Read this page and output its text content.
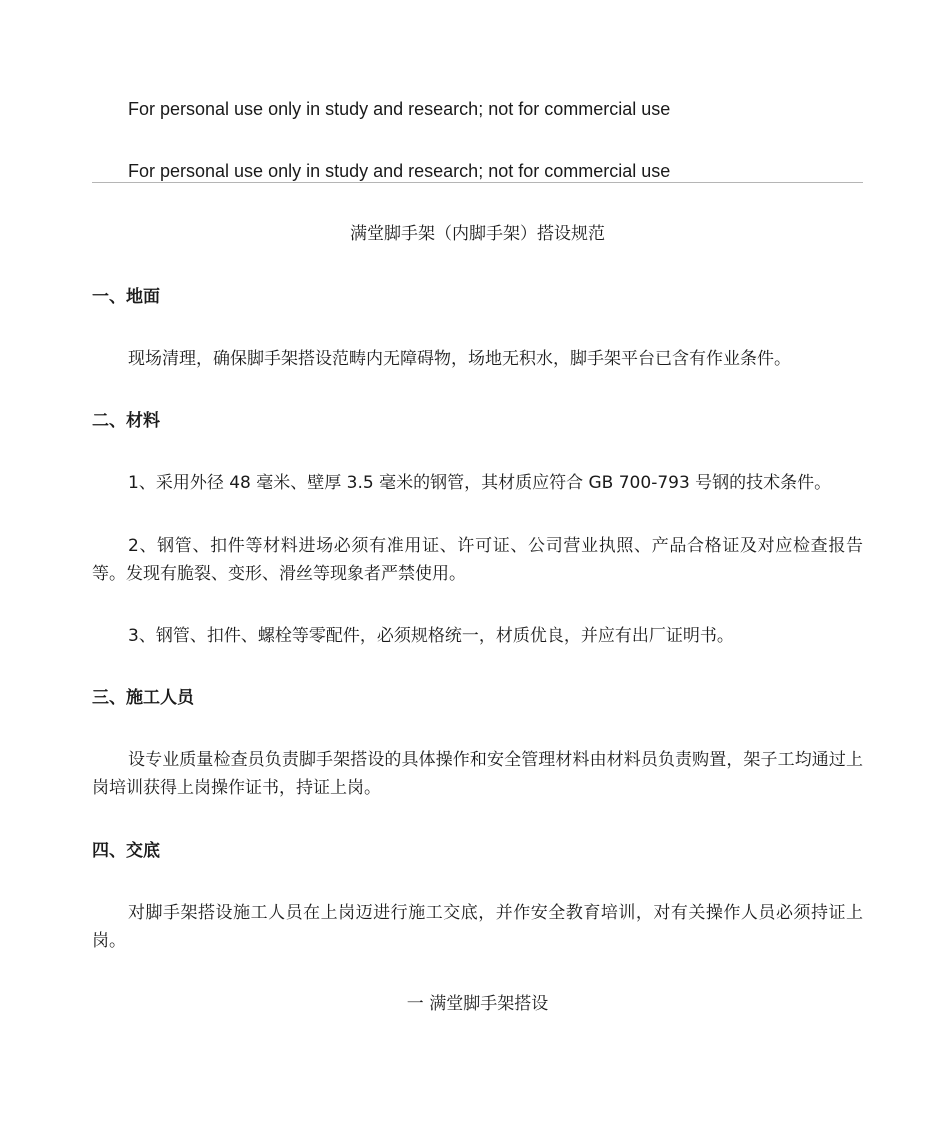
For personal use only in study and research; not for commercial use
For personal use only in study and research; not for commercial use
满堂脚手架（内脚手架）搭设规范
一、地面
现场清理，确保脚手架搭设范畴内无障碍物，场地无积水，脚手架平台已含有作业条件。
二、材料
1、采用外径 48 毫米、壁厚 3.5 毫米的钢管，其材质应符合 GB 700-793 号钢的技术条件。
2、钢管、扣件等材料进场必须有准用证、许可证、公司营业执照、产品合格证及对应检查报告等。发现有脆裂、变形、滑丝等现象者严禁使用。
3、钢管、扣件、螺栓等零配件，必须规格统一，材质优良，并应有出厂证明书。
三、施工人员
设专业质量检查员负责脚手架搭设的具体操作和安全管理材料由材料员负责购置，架子工均通过上岗培训获得上岗操作证书，持证上岗。
四、交底
对脚手架搭设施工人员在上岗迈进行施工交底，并作安全教育培训，对有关操作人员必须持证上岗。
一 满堂脚手架搭设
